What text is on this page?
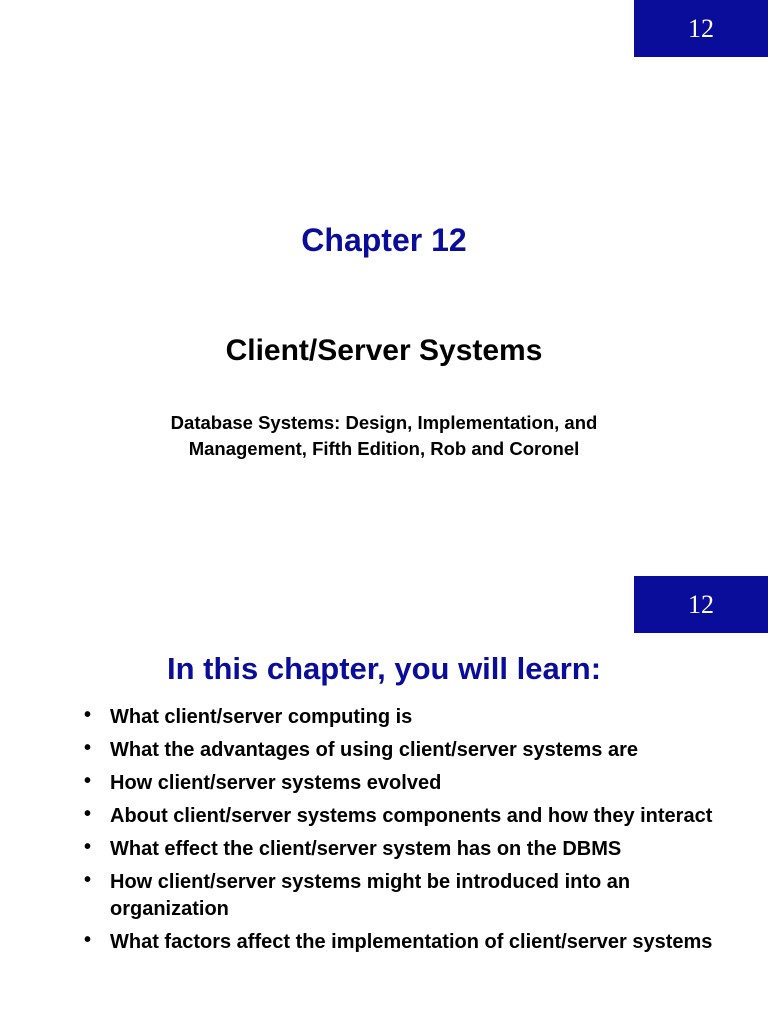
12
Chapter 12
Client/Server Systems
Database Systems: Design, Implementation, and
Management, Fifth Edition, Rob and Coronel
12
In this chapter, you will learn:
• What client/server computing is
• What the advantages of using client/server systems are
• How client/server systems evolved
• About client/server systems components and how they interact
• What effect the client/server system has on the DBMS
• How client/server systems might be introduced into an organization
• What factors affect the implementation of client/server systems
